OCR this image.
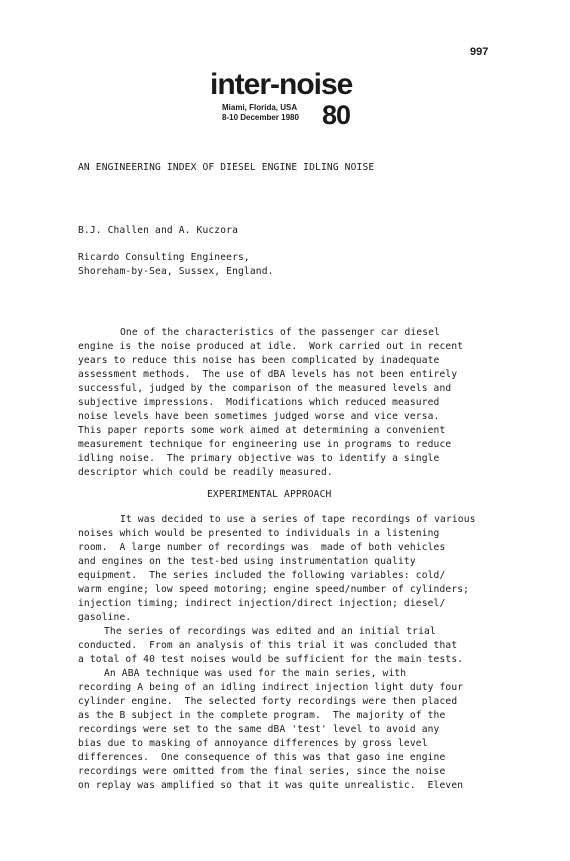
997
inter-noise
Miami, Florida, USA
8-10 December 1980 80
AN ENGINEERING INDEX OF DIESEL ENGINE IDLING NOISE
B.J. Challen and A. Kuczora
Ricardo Consulting Engineers,
Shoreham-by-Sea, Sussex, England.
One of the characteristics of the passenger car diesel
engine is the noise produced at idle.  Work carried out in recent
years to reduce this noise has been complicated by inadequate
assessment methods.  The use of dBA levels has not been entirely
successful, judged by the comparison of the measured levels and
subjective impressions.  Modifications which reduced measured
noise levels have been sometimes judged worse and vice versa.
This paper reports some work aimed at determining a convenient
measurement technique for engineering use in programs to reduce
idling noise.  The primary objective was to identify a single
descriptor which could be readily measured.
EXPERIMENTAL APPROACH
It was decided to use a series of tape recordings of various
noises which would be presented to individuals in a listening
room.  A large number of recordings was  made of both vehicles
and engines on the test-bed using instrumentation quality
equipment.  The series included the following variables: cold/
warm engine; low speed motoring; engine speed/number of cylinders;
injection timing; indirect injection/direct injection; diesel/
gasoline.
The series of recordings was edited and an initial trial
conducted.  From an analysis of this trial it was concluded that
a total of 40 test noises would be sufficient for the main tests.
An ABA technique was used for the main series, with
recording A being of an idling indirect injection light duty four
cylinder engine.  The selected forty recordings were then placed
as the B subject in the complete program.  The majority of the
recordings were set to the same dBA 'test' level to avoid any
bias due to masking of annoyance differences by gross level
differences.  One consequence of this was that gaso ine engine
recordings were omitted from the final series, since the noise
on replay was amplified so that it was quite unrealistic.  Eleven
